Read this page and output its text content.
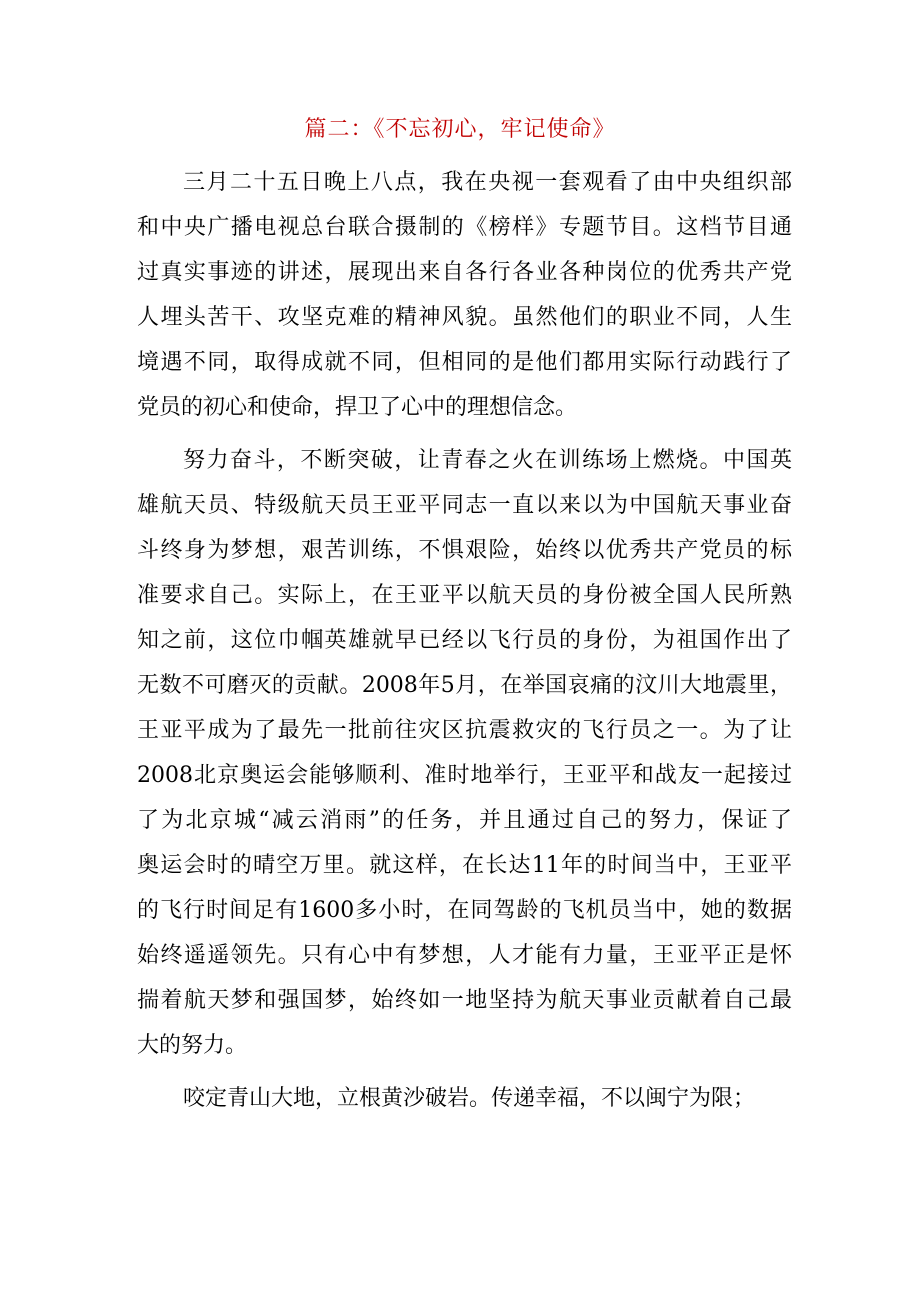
篇二：《不忘初心，牢记使命》

三月二十五日晚上八点，我在央视一套观看了由中央组织部
和中央广播电视总台联合摄制的《榜样》专题节目。这档节目通
过真实事迹的讲述，展现出来自各行各业各种岗位的优秀共产党
人埋头苦干、攻坚克难的精神风貌。虽然他们的职业不同，人生
境遇不同，取得成就不同，但相同的是他们都用实际行动践行了
党员的初心和使命，捍卫了心中的理想信念。

努力奋斗，不断突破，让青春之火在训练场上燃烧。中国英
雄航天员、特级航天员王亚平同志一直以来以为中国航天事业奋
斗终身为梦想，艰苦训练，不惧艰险，始终以优秀共产党员的标
准要求自己。实际上，在王亚平以航天员的身份被全国人民所熟
知之前，这位巾帼英雄就早已经以飞行员的身份，为祖国作出了
无数不可磨灭的贡献。2008年5月，在举国哀痛的汶川大地震里，
王亚平成为了最先一批前往灾区抗震救灾的飞行员之一。为了让
2008北京奥运会能够顺利、准时地举行，王亚平和战友一起接过
了为北京城“减云消雨”的任务，并且通过自己的努力，保证了
奥运会时的晴空万里。就这样，在长达11年的时间当中，王亚平
的飞行时间足有1600多小时，在同驾龄的飞机员当中，她的数据
始终遥遥领先。只有心中有梦想，人才能有力量，王亚平正是怀
揣着航天梦和强国梦，始终如一地坚持为航天事业贡献着自己最
大的努力。

咬定青山大地，立根黄沙破岩。传递幸福，不以闽宁为限；
